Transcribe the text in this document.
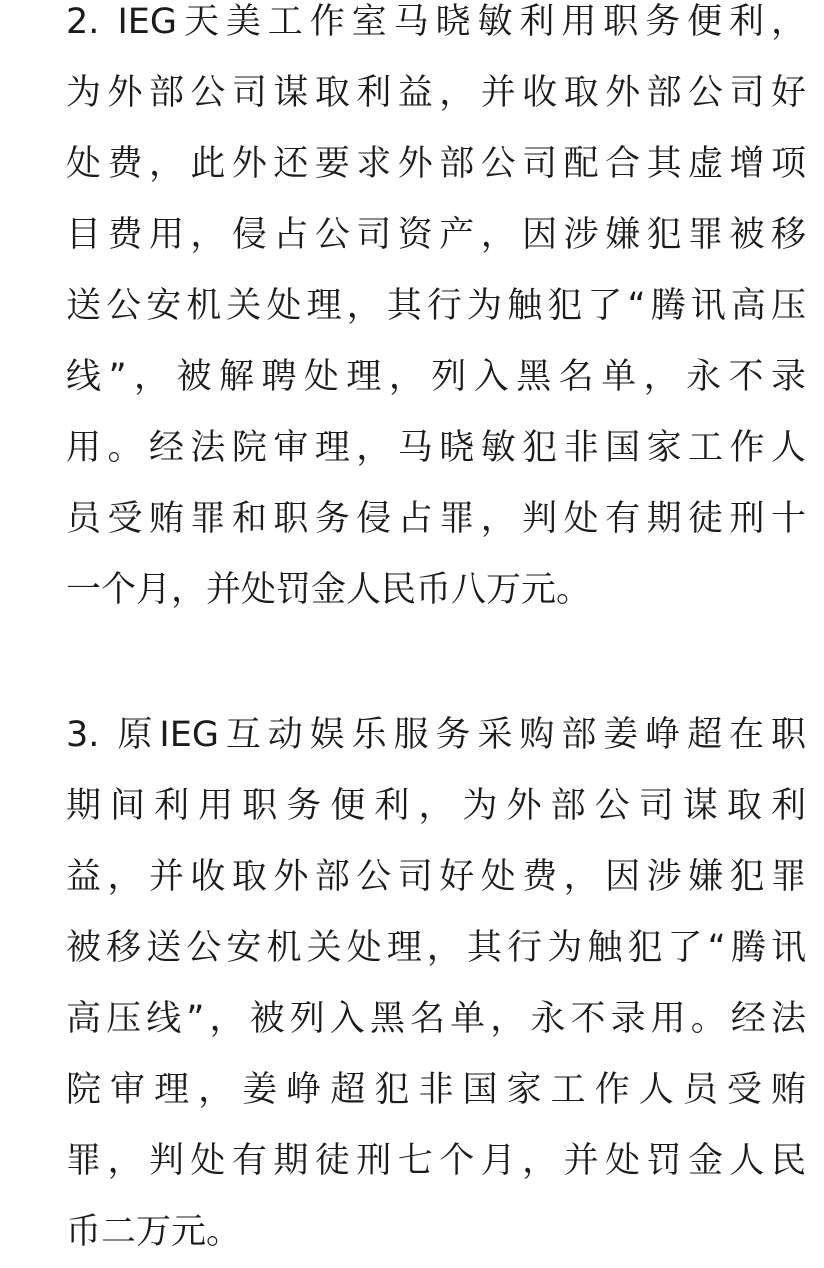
2. IEG天美工作室马晓敏利用职务便利，
为外部公司谋取利益，并收取外部公司好
处费，此外还要求外部公司配合其虚增项
目费用，侵占公司资产，因涉嫌犯罪被移
送公安机关处理，其行为触犯了“腾讯高压
线”，被解聘处理，列入黑名单，永不录
用。经法院审理，马晓敏犯非国家工作人
员受贿罪和职务侵占罪，判处有期徒刑十
一个月，并处罚金人民币八万元。
3. 原IEG互动娱乐服务采购部姜峥超在职
期间利用职务便利，为外部公司谋取利
益，并收取外部公司好处费，因涉嫌犯罪
被移送公安机关处理，其行为触犯了“腾讯
高压线”，被列入黑名单，永不录用。经法
院审理，姜峥超犯非国家工作人员受贿
罪，判处有期徒刑七个月，并处罚金人民
币二万元。
